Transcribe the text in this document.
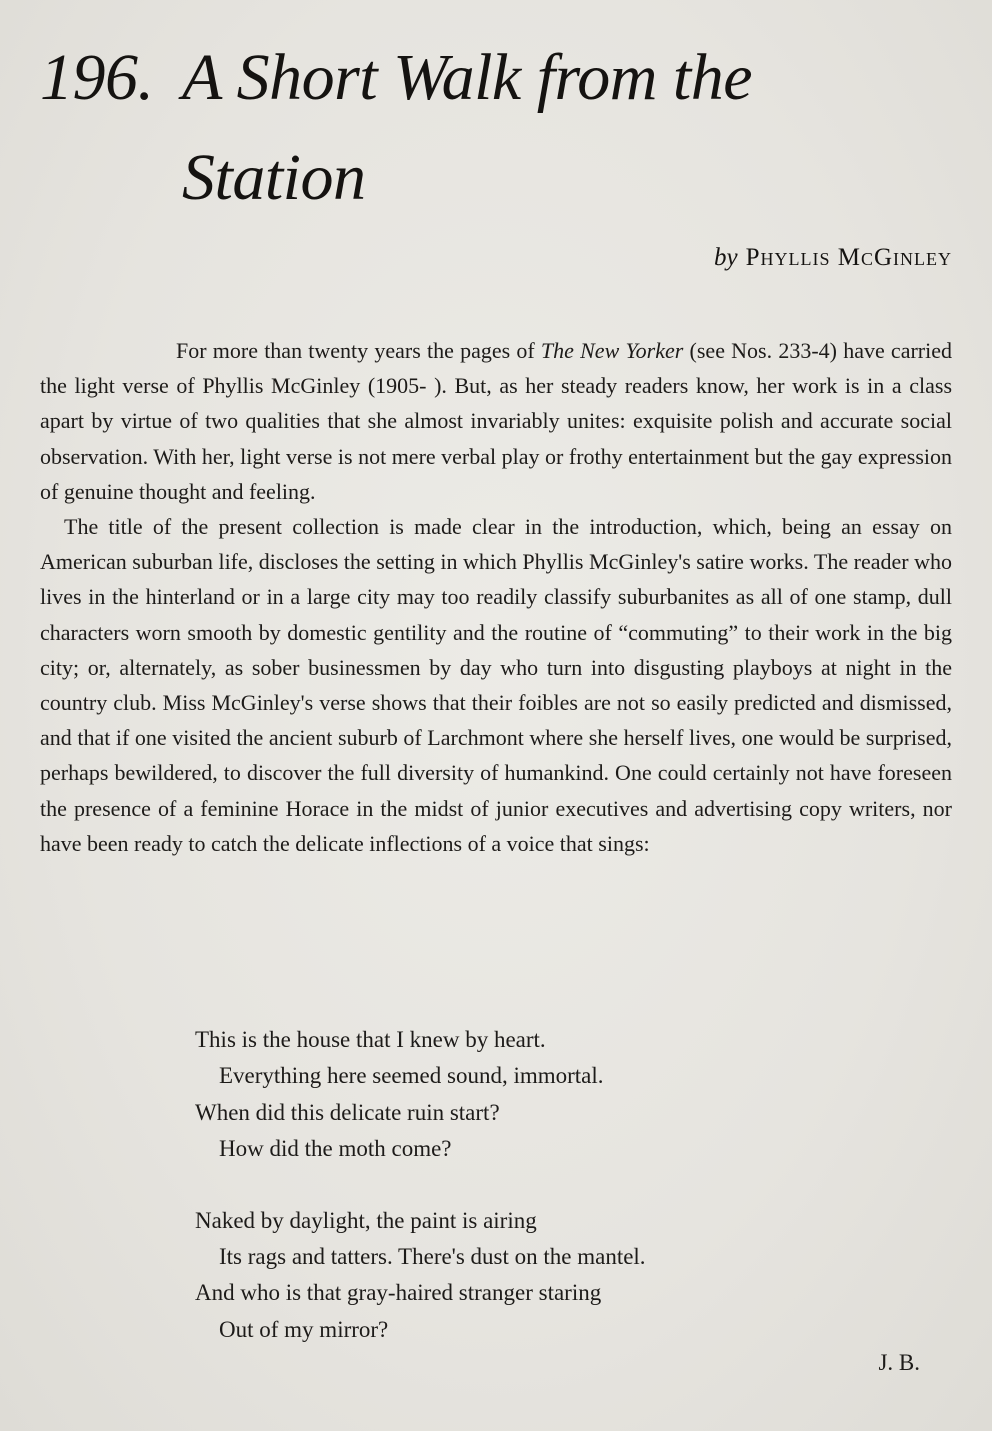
196. A Short Walk from the
Station
by Phyllis McGinley

For more than twenty years the pages of The New Yorker (see Nos. 233-4) have carried the light verse of Phyllis McGinley (1905- ). But, as her steady readers know, her work is in a class apart by virtue of two qualities that she almost invariably unites: exquisite polish and accurate social observation. With her, light verse is not mere verbal play or frothy entertainment but the gay expression of genuine thought and feeling.

The title of the present collection is made clear in the introduction, which, being an essay on American suburban life, discloses the setting in which Phyllis McGinley's satire works. The reader who lives in the hinterland or in a large city may too readily classify suburbanites as all of one stamp, dull characters worn smooth by domestic gentility and the routine of “commuting” to their work in the big city; or, alternately, as sober businessmen by day who turn into disgusting playboys at night in the country club. Miss McGinley's verse shows that their foibles are not so easily predicted and dismissed, and that if one visited the ancient suburb of Larchmont where she herself lives, one would be surprised, perhaps bewildered, to discover the full diversity of humankind. One could certainly not have foreseen the presence of a feminine Horace in the midst of junior executives and advertising copy writers, nor have been ready to catch the delicate inflections of a voice that sings:

This is the house that I knew by heart.
Everything here seemed sound, immortal.
When did this delicate ruin start?
How did the moth come?
Naked by daylight, the paint is airing
Its rags and tatters. There's dust on the mantel.
And who is that gray-haired stranger staring
Out of my mirror?
J. B.
